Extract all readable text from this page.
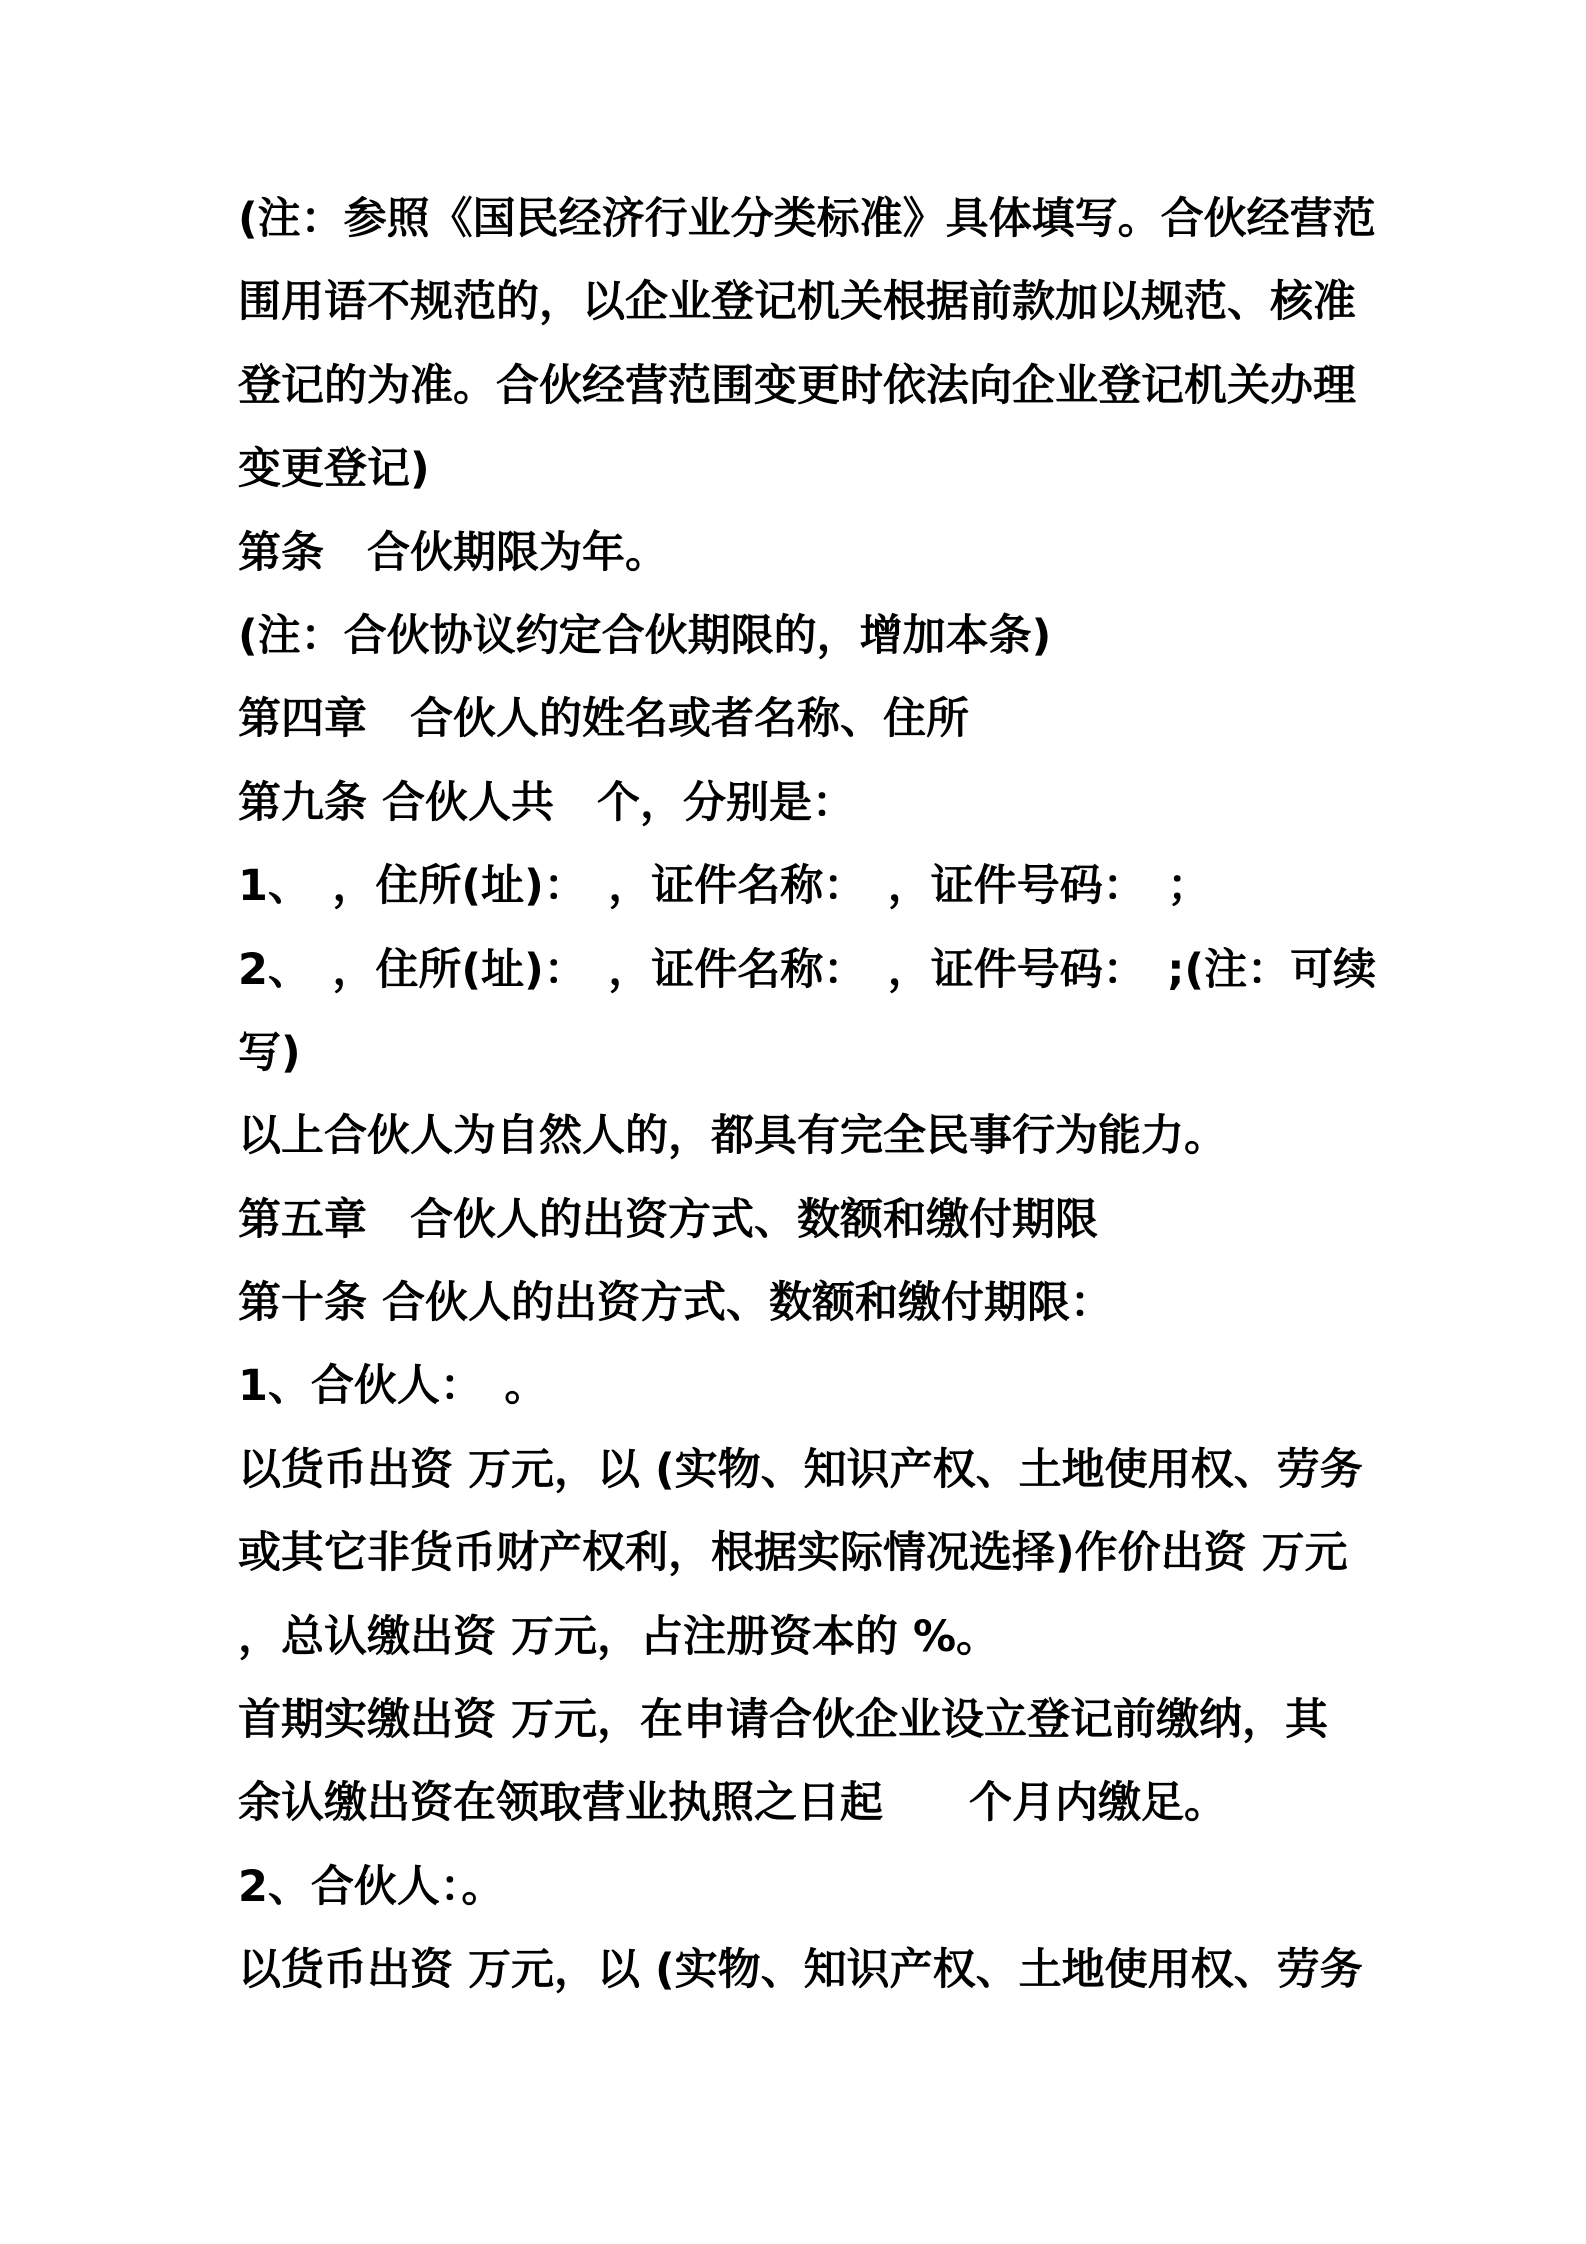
(注：参照《国民经济行业分类标准》具体填写。合伙经营范
围用语不规范的，以企业登记机关根据前款加以规范、核准
登记的为准。合伙经营范围变更时依法向企业登记机关办理
变更登记)
第条　合伙期限为年。
(注：合伙协议约定合伙期限的，增加本条)
第四章　合伙人的姓名或者名称、住所
第九条 合伙人共　个，分别是：
1、　，住所(址)：　，证件名称：　，证件号码：　；
2、　，住所(址)：　，证件名称：　，证件号码：　;(注：可续
写)
以上合伙人为自然人的，都具有完全民事行为能力。
第五章　合伙人的出资方式、数额和缴付期限
第十条 合伙人的出资方式、数额和缴付期限：
1、合伙人：　。
以货币出资 万元，以 (实物、知识产权、土地使用权、劳务
或其它非货币财产权利，根据实际情况选择)作价出资 万元
，总认缴出资 万元，占注册资本的 %。
首期实缴出资 万元，在申请合伙企业设立登记前缴纳，其
余认缴出资在领取营业执照之日起　　个月内缴足。
2、合伙人：。
以货币出资 万元，以 (实物、知识产权、土地使用权、劳务
